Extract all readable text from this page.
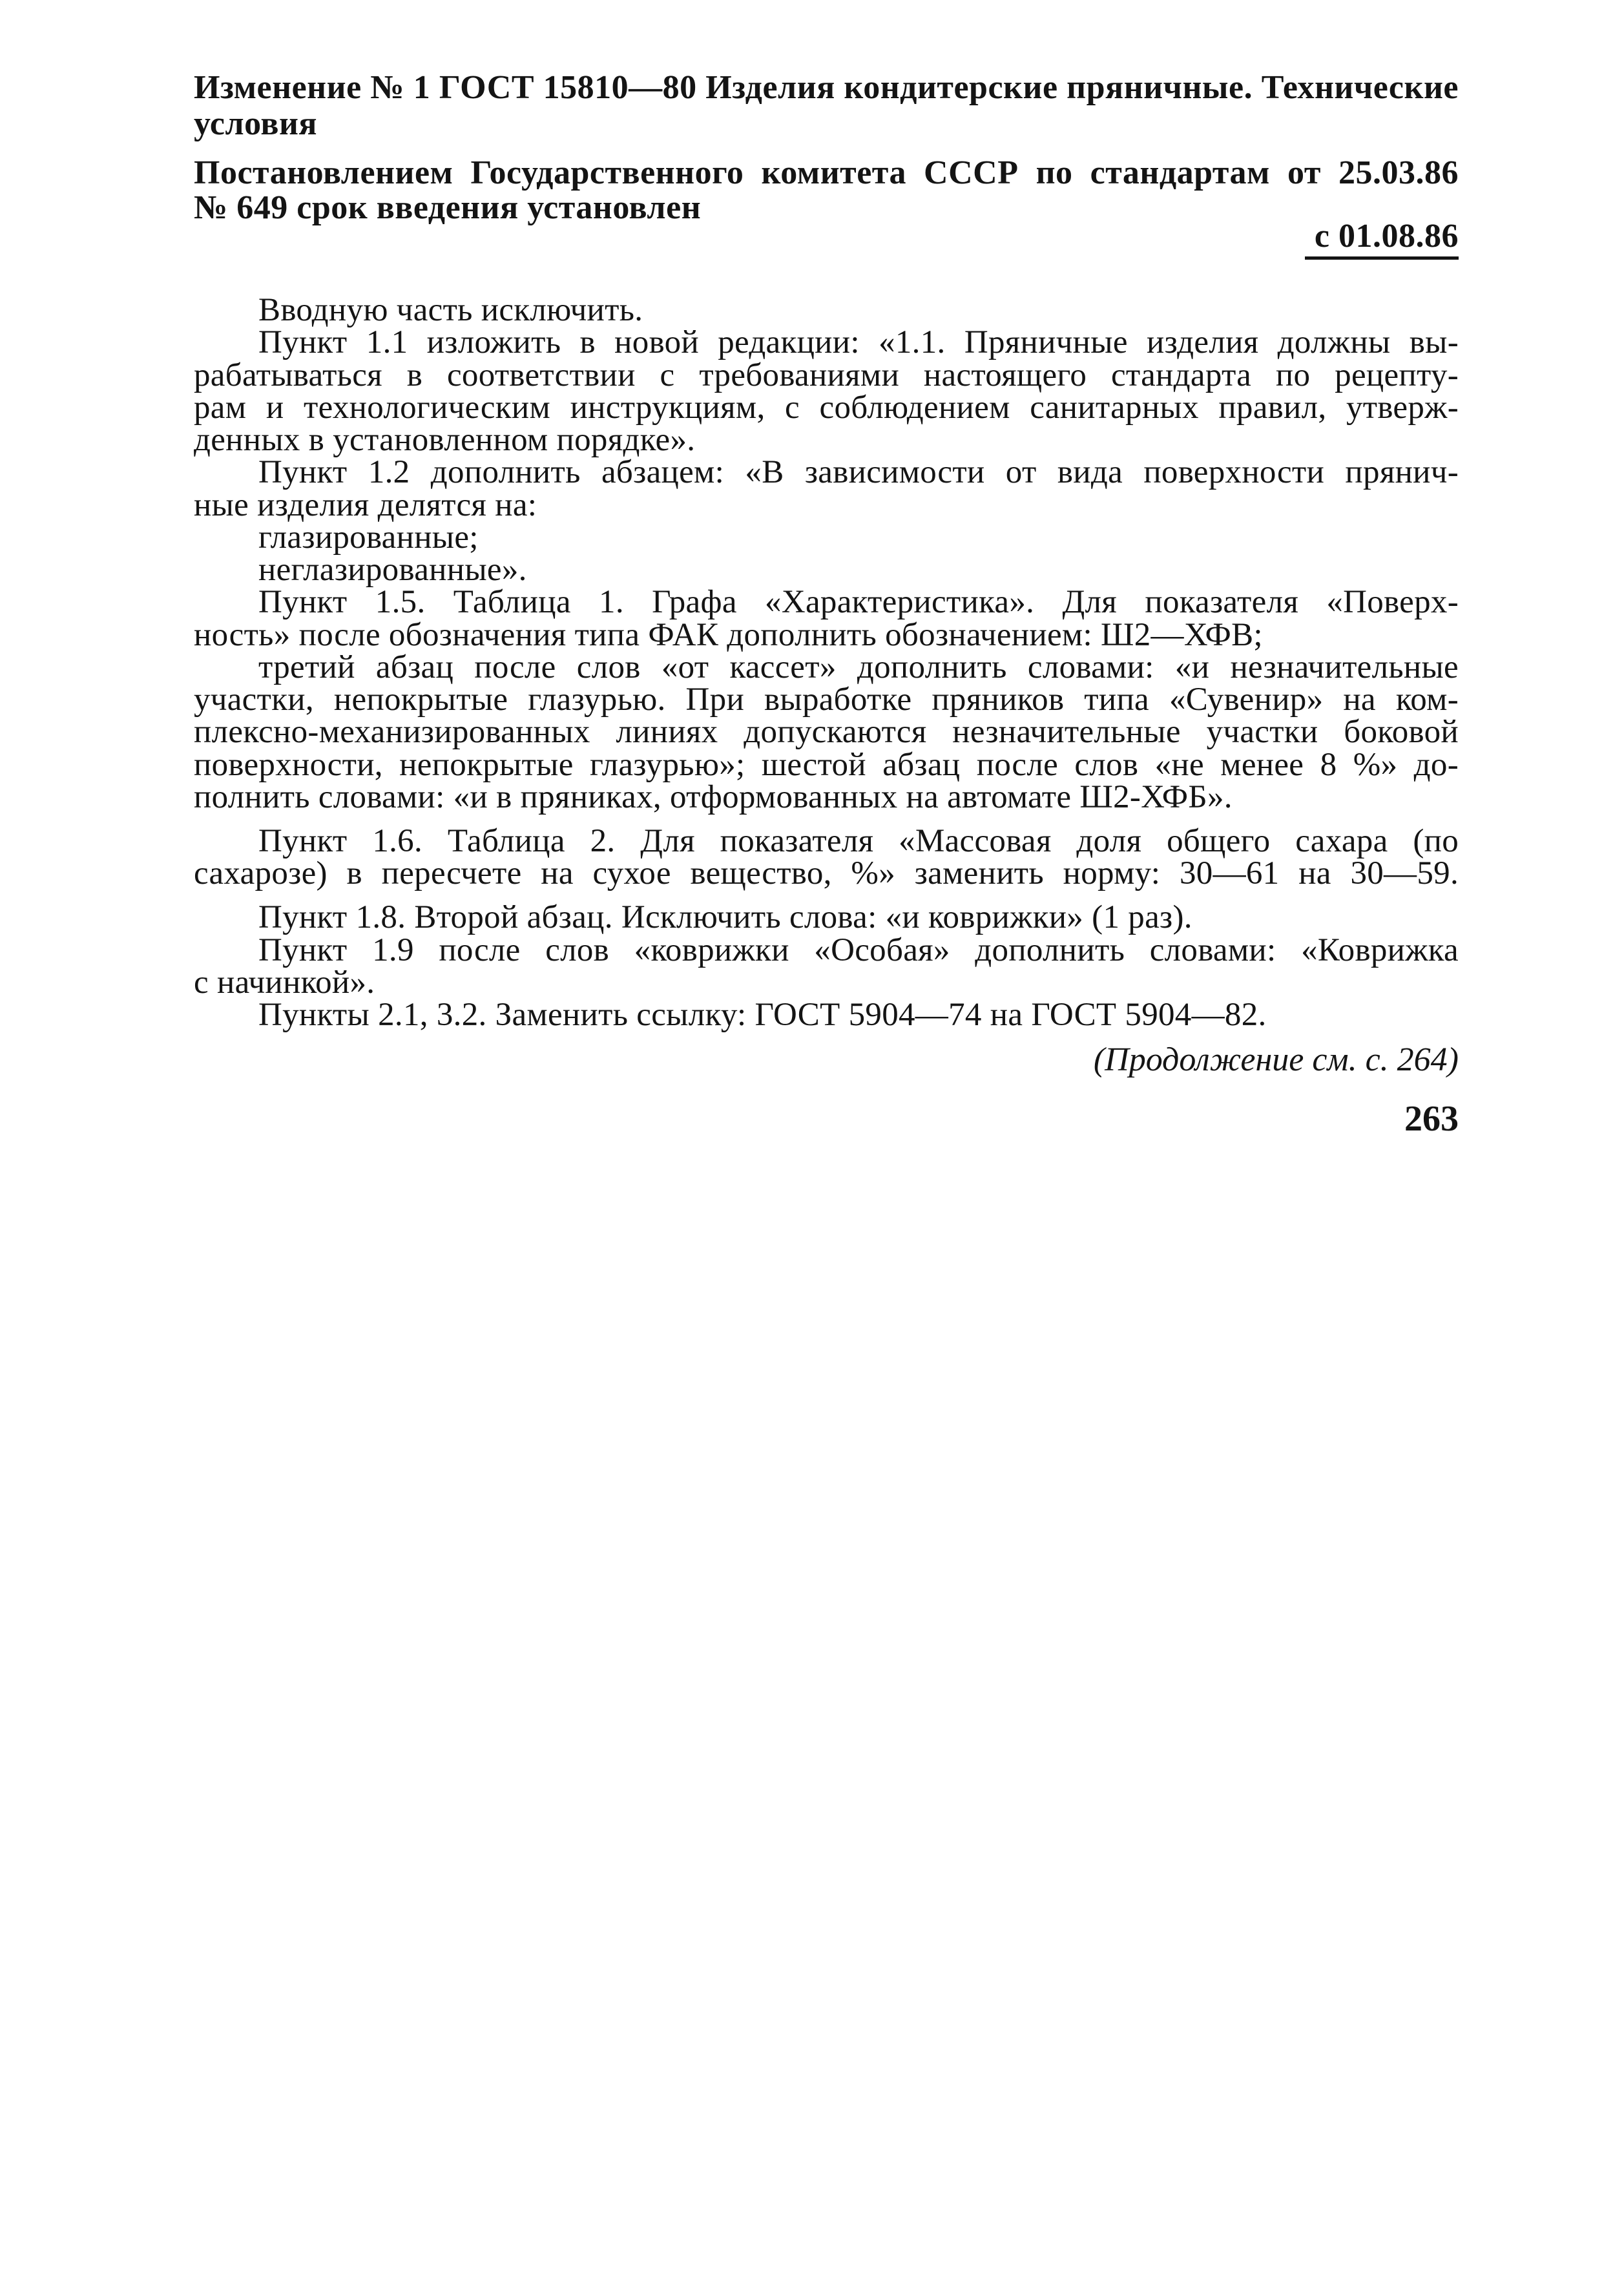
Изменение № 1 ГОСТ 15810—80 Изделия кондитерские пряничные. Технические
условия
Постановлением Государственного комитета СССР по стандартам от 25.03.86
№ 649 срок введения установлен
с 01.08.86
Вводную часть исключить.
Пункт 1.1 изложить в новой редакции: «1.1. Пряничные изделия должны вы-
рабатываться в соответствии с требованиями настоящего стандарта по рецепту-
рам и технологическим инструкциям, с соблюдением санитарных правил, утверж-
денных в установленном порядке».
Пункт 1.2 дополнить абзацем: «В зависимости от вида поверхности прянич-
ные изделия делятся на:
глазированные;
неглазированные».
Пункт 1.5. Таблица 1. Графа «Характеристика». Для показателя «Поверх-
ность» после обозначения типа ФАК дополнить обозначением: Ш2—ХФВ;
третий абзац после слов «от кассет» дополнить словами: «и незначительные
участки, непокрытые глазурью. При выработке пряников типа «Сувенир» на ком-
плексно-механизированных линиях допускаются незначительные участки боковой
поверхности, непокрытые глазурью»; шестой абзац после слов «не менее 8 %» до-
полнить словами: «и в пряниках, отформованных на автомате Ш2-ХФБ».
Пункт 1.6. Таблица 2. Для показателя «Массовая доля общего сахара (по
сахарозе) в пересчете на сухое вещество, %» заменить норму: 30—61 на 30—59.
Пункт 1.8. Второй абзац. Исключить слова: «и коврижки» (1 раз).
Пункт 1.9 после слов «коврижки «Особая» дополнить словами: «Коврижка
с начинкой».
Пункты 2.1, 3.2. Заменить ссылку: ГОСТ 5904—74 на ГОСТ 5904—82.
(Продолжение см. с. 264)
263
